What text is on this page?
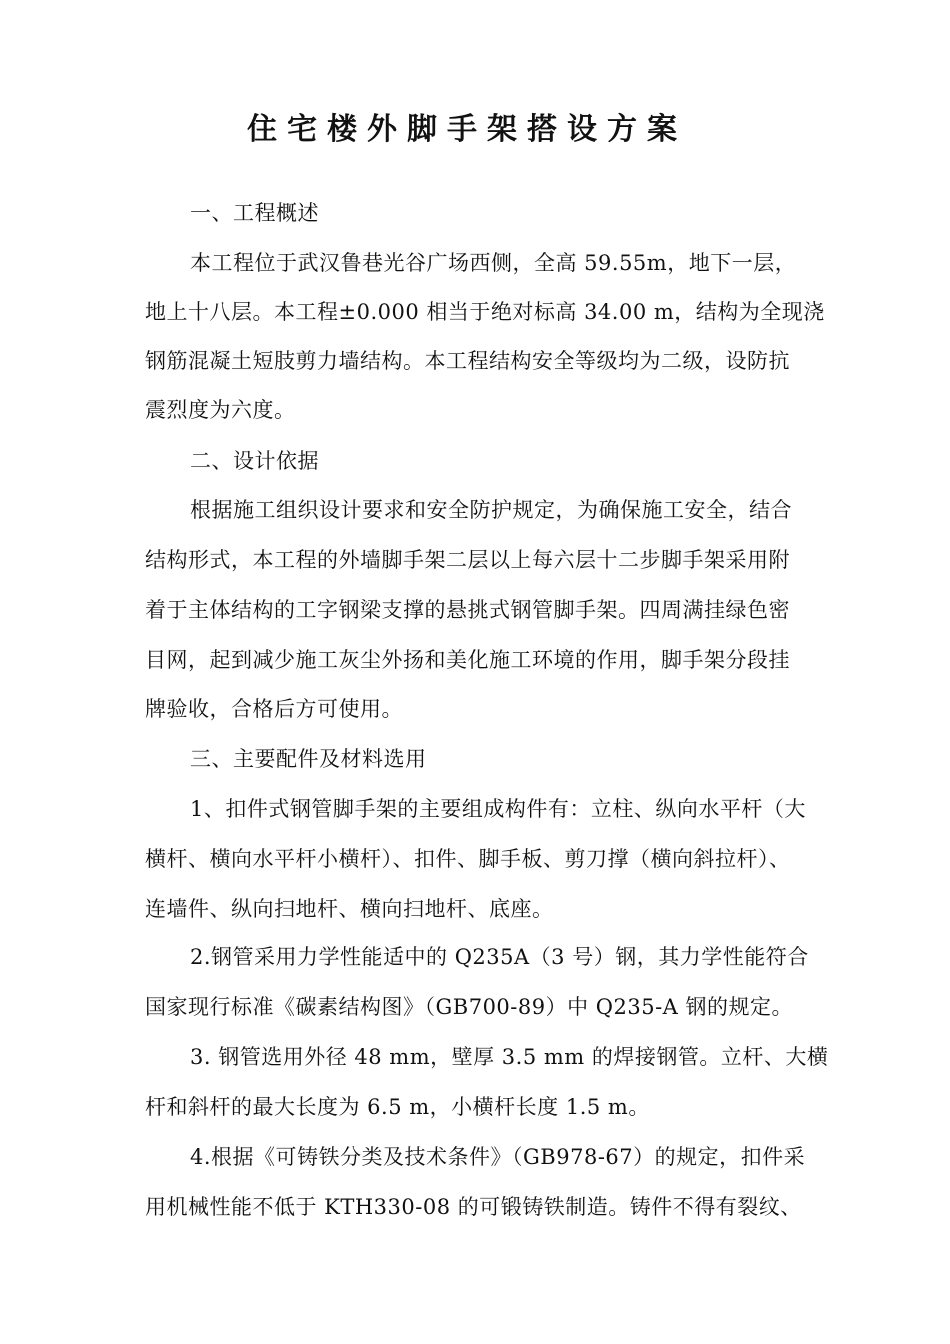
住宅楼外脚手架搭设方案
一、工程概述
本工程位于武汉鲁巷光谷广场西侧，全高 59.55m，地下一层，
地上十八层。本工程±0.000 相当于绝对标高 34.00 m，结构为全现浇
钢筋混凝土短肢剪力墙结构。本工程结构安全等级均为二级，设防抗
震烈度为六度。
二、设计依据
根据施工组织设计要求和安全防护规定，为确保施工安全，结合
结构形式，本工程的外墙脚手架二层以上每六层十二步脚手架采用附
着于主体结构的工字钢梁支撑的悬挑式钢管脚手架。四周满挂绿色密
目网，起到减少施工灰尘外扬和美化施工环境的作用，脚手架分段挂
牌验收，合格后方可使用。
三、主要配件及材料选用
1、扣件式钢管脚手架的主要组成构件有：立柱、纵向水平杆（大
横杆、横向水平杆小横杆）、扣件、脚手板、剪刀撑（横向斜拉杆）、
连墙件、纵向扫地杆、横向扫地杆、底座。
2.钢管采用力学性能适中的 Q235A（3 号）钢，其力学性能符合
国家现行标准《碳素结构图》（GB700-89）中 Q235-A 钢的规定。
3. 钢管选用外径 48 mm，壁厚 3.5 mm 的焊接钢管。立杆、大横
杆和斜杆的最大长度为 6.5 m，小横杆长度 1.5 m。
4.根据《可铸铁分类及技术条件》（GB978-67）的规定，扣件采
用机械性能不低于 KTH330-08 的可锻铸铁制造。铸件不得有裂纹、
